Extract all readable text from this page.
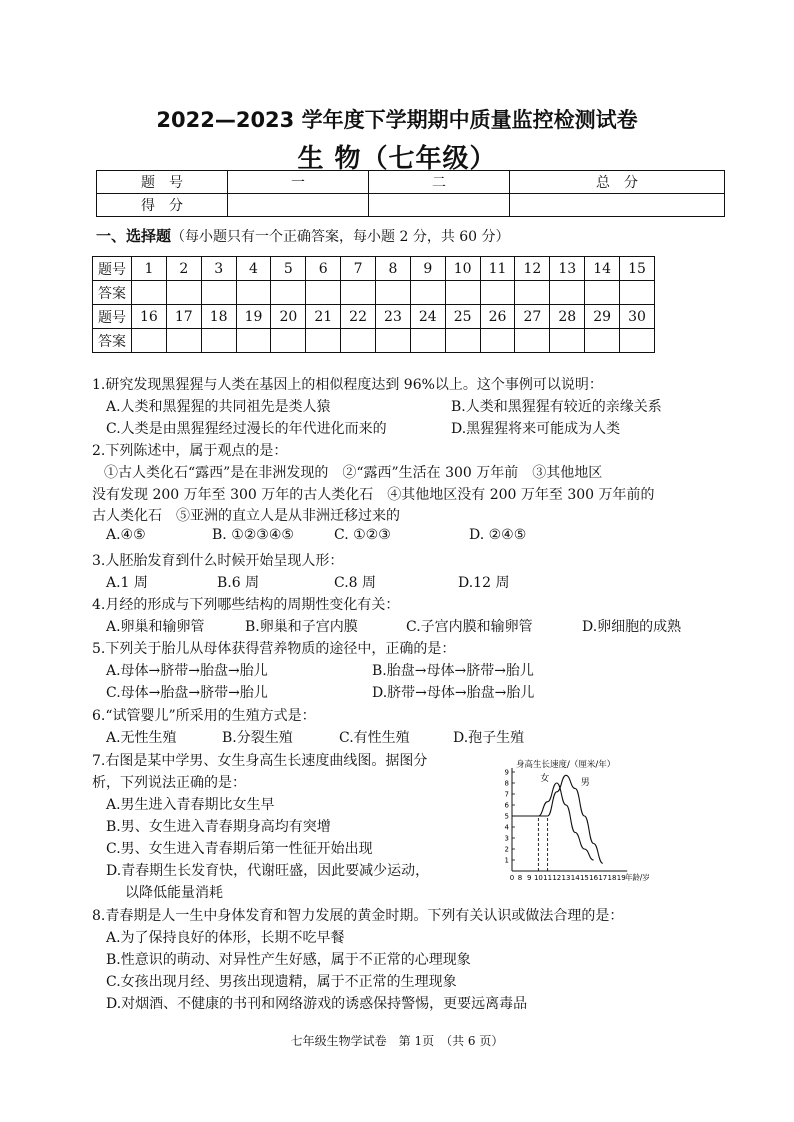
2022—2023 学年度下学期期中质量监控检测试卷
生 物（七年级）
题　号	一	二	总　分
得　分			
一、选择题（每小题只有一个正确答案，每小题 2 分，共 60 分）
题号	1	2	3	4	5	6	7	8	9	10	11	12	13	14	15
答案															
题号	16	17	18	19	20	21	22	23	24	25	26	27	28	29	30
答案															
1.研究发现黑猩猩与人类在基因上的相似程度达到 96%以上。这个事例可以说明：
A.人类和黑猩猩的共同祖先是类人猿	B.人类和黑猩猩有较近的亲缘关系
C.人类是由黑猩猩经过漫长的年代进化而来的	D.黑猩猩将来可能成为人类
2.下列陈述中，属于观点的是：
①古人类化石“露西”是在非洲发现的　②“露西”生活在 300 万年前　③其他地区
没有发现 200 万年至 300 万年的古人类化石　④其他地区没有 200 万年至 300 万年前的
古人类化石　⑤亚洲的直立人是从非洲迁移过来的
A.④⑤	B. ①②③④⑤	C. ①②③	D. ②④⑤
3.人胚胎发育到什么时候开始呈现人形：
A.1 周	B.6 周	C.8 周	D.12 周
4.月经的形成与下列哪些结构的周期性变化有关：
A.卵巢和输卵管	B.卵巢和子宫内膜	C.子宫内膜和输卵管	D.卵细胞的成熟
5.下列关于胎儿从母体获得营养物质的途径中，正确的是：
A.母体→脐带→胎盘→胎儿	B.胎盘→母体→脐带→胎儿
C.母体→胎盘→脐带→胎儿	D.脐带→母体→胎盘→胎儿
6.“试管婴儿”所采用的生殖方式是：
A.无性生殖	B.分裂生殖	C.有性生殖	D.孢子生殖
7.右图是某中学男、女生身高生长速度曲线图。据图分
析，下列说法正确的是：
A.男生进入青春期比女生早
B.男、女生进入青春期身高均有突增
C.男、女生进入青春期后第一性征开始出现
D.青春期生长发育快，代谢旺盛，因此要减少运动，
以降低能量消耗
1
2
3
4
5
6
7
8
9
0 8 9 10 11 12 13 14 15 16 17 18 19
身高生长速度/（厘米/年）
女	男
年龄/岁
8.青春期是人一生中身体发育和智力发展的黄金时期。下列有关认识或做法合理的是：
A.为了保持良好的体形，长期不吃早餐
B.性意识的萌动、对异性产生好感，属于不正常的心理现象
C.女孩出现月经、男孩出现遗精，属于不正常的生理现象
D.对烟酒、不健康的书刊和网络游戏的诱惑保持警惕，更要远离毒品
七年级生物学试卷　第 1页　（共 6 页）
